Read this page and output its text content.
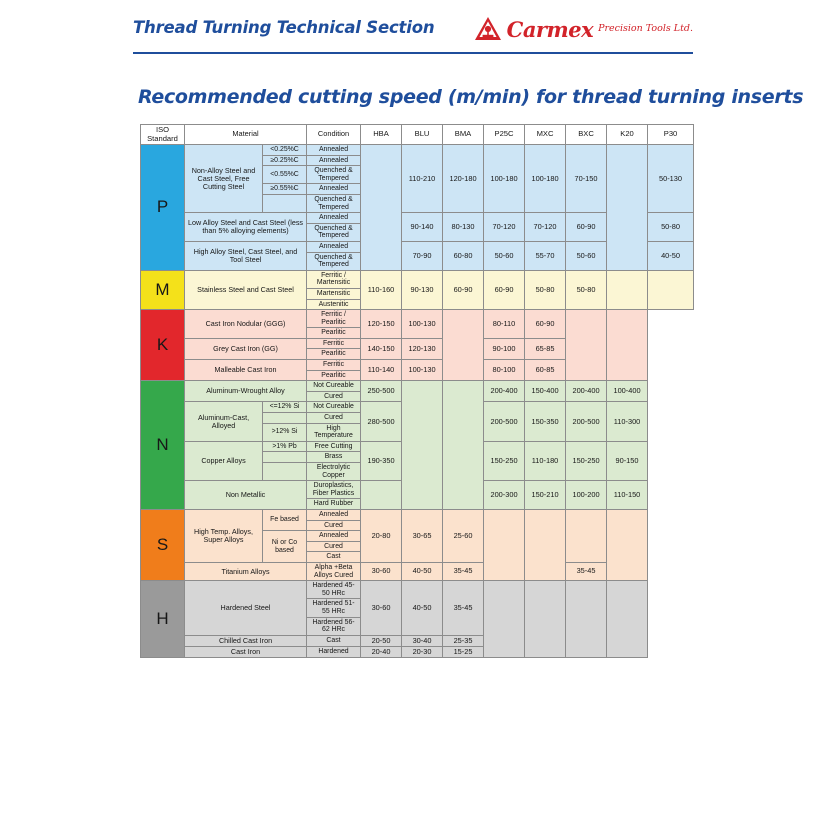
Thread Turning Technical Section	Carmex Precision Tools Ltd.
Recommended cutting speed (m/min) for thread turning inserts
ISO
Standard	Material		Condition	HBA	BLU	BMA	P25C	MXC	BXC	K20	P30
P	Non-Alloy Steel and Cast Steel, Free Cutting Steel	<0.25%C	Annealed		110-210	120-180	100-180	100-180	70-150		50-130
		≥0.25%C	Annealed								
		<0.55%C	Quenched & Tempered								
		≥0.55%C	Annealed								
			Quenched & Tempered								
	Low Alloy Steel and Cast Steel (less than 5% alloying elements)		Annealed		90-140	80-130	70-120	70-120	60-90		50-80
			Quenched & Tempered								
	High Alloy Steel, Cast Steel, and Tool Steel		Annealed		70-90	60-80	50-60	55-70	50-60		40-50
			Quenched & Tempered								
M	Stainless Steel and Cast Steel		Ferritic / Martensitic	110-160	90-130	60-90	60-90	50-80	50-80		
			Martensitic								
			Austenitic								
K	Cast Iron Nodular (GGG)		Ferritic / Pearlitic	120-150	100-130		80-110	60-90			
			Pearlitic								
	Grey Cast Iron (GG)		Ferritic	140-150	120-130		90-100	65-85			
			Pearlitic								
	Malleable Cast Iron		Ferritic	110-140	100-130		80-100	60-85			
			Pearlitic								
N	Aluminum-Wrought Alloy		Not Cureable	250-500			200-400	150-400	200-400	100-400	
			Cured								
	Aluminum-Cast, Alloyed	<=12% Si	Not Cureable	280-500			200-500	150-350	200-500	110-300	
			Cured								
		>12% Si	High Temperature								
	Copper Alloys	>1% Pb	Free Cutting	190-350			150-250	110-180	150-250	90-150	
			Brass								
			Electrolytic Copper								
	Non Metallic		Duroplastics, Fiber Plastics				200-300	150-210	100-200	110-150	
			Hard Rubber								
S	High Temp. Alloys, Super Alloys	Fe based	Annealed	20-80	30-65	25-60					
			Cured								
		Ni or Co based	Annealed								
			Cured								
			Cast								
	Titanium Alloys		Alpha +Beta Alloys Cured	30-60	40-50	35-45			35-45		
H	Hardened Steel		Hardened 45-50 HRc	30-60	40-50	35-45					
			Hardened 51-55 HRc								
			Hardened 56-62 HRc								
	Chilled Cast Iron		Cast	20-50	30-40	25-35					
	Cast Iron		Hardened	20-40	20-30	15-25					
